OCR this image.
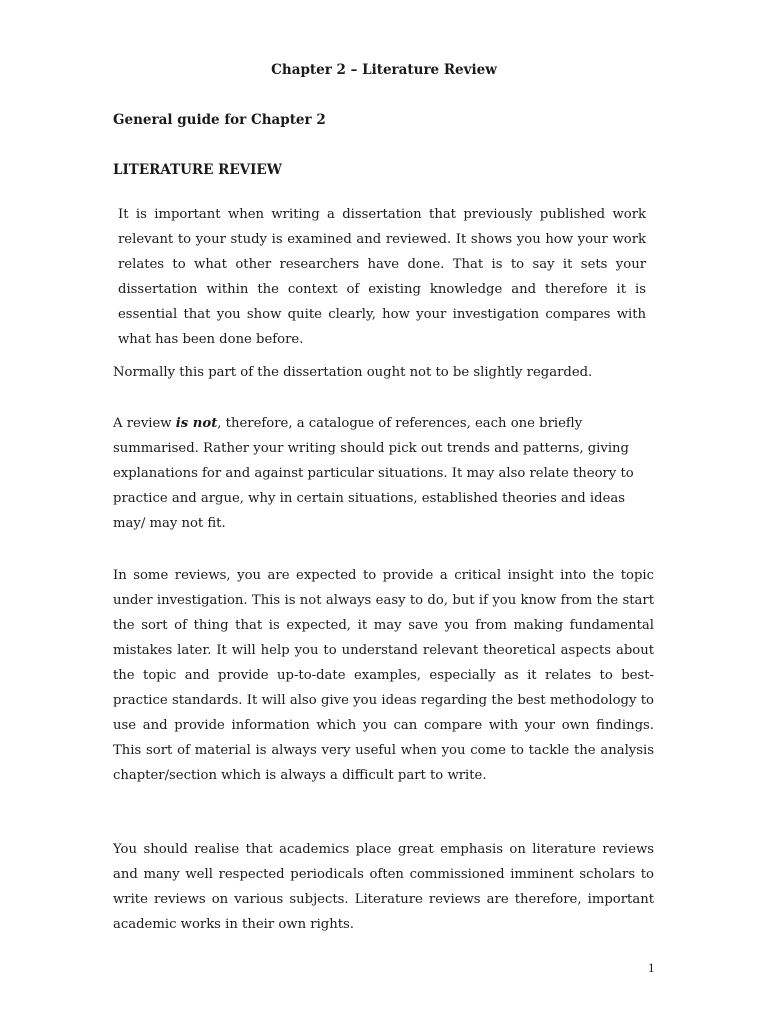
Chapter 2 – Literature Review
General guide for Chapter 2
LITERATURE REVIEW

It is important when writing a dissertation that previously published work relevant to your study is examined and reviewed. It shows you how your work relates to what other researchers have done. That is to say it sets your dissertation within the context of existing knowledge and therefore it is essential that you show quite clearly, how your investigation compares with what has been done before.

Normally this part of the dissertation ought not to be slightly regarded.

A review is not, therefore, a catalogue of references, each one briefly summarised. Rather your writing should pick out trends and patterns, giving explanations for and against particular situations. It may also relate theory to practice and argue, why in certain situations, established theories and ideas may/ may not fit.

In some reviews, you are expected to provide a critical insight into the topic under investigation. This is not always easy to do, but if you know from the start the sort of thing that is expected, it may save you from making fundamental mistakes later. It will help you to understand relevant theoretical aspects about the topic and provide up-to-date examples, especially as it relates to best-practice standards. It will also give you ideas regarding the best methodology to use and provide information which you can compare with your own findings. This sort of material is always very useful when you come to tackle the analysis chapter/section which is always a difficult part to write.

You should realise that academics place great emphasis on literature reviews and many well respected periodicals often commissioned imminent scholars to write reviews on various subjects. Literature reviews are therefore, important academic works in their own rights.

1
